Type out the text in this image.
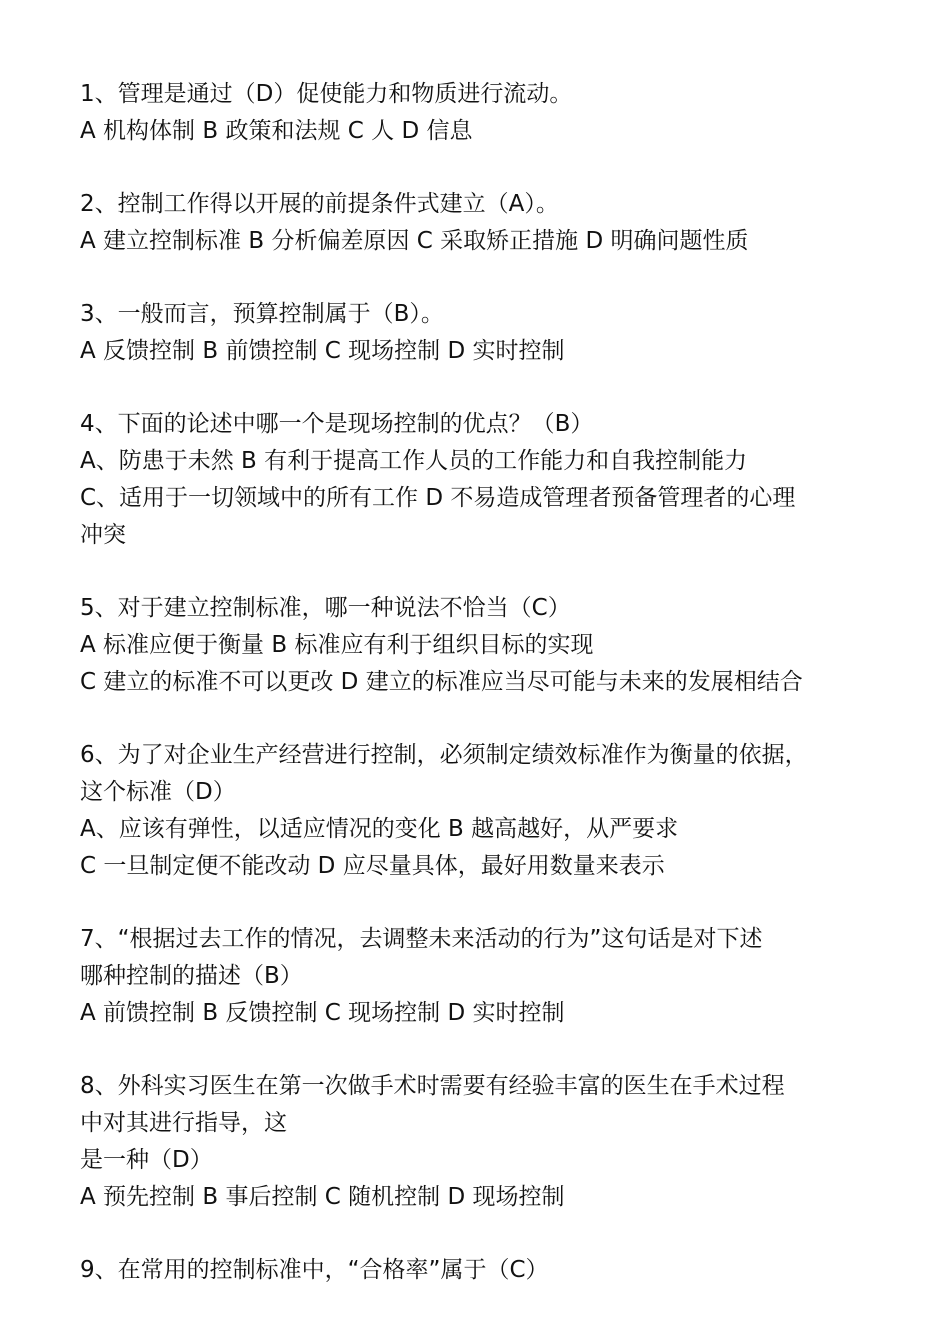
1、管理是通过（D）促使能力和物质进行流动。
A 机构体制 B 政策和法规 C 人 D 信息
2、控制工作得以开展的前提条件式建立（A）。
A 建立控制标准 B 分析偏差原因 C 采取矫正措施 D 明确问题性质
3、一般而言，预算控制属于（B）。
A 反馈控制 B 前馈控制 C 现场控制 D 实时控制
4、下面的论述中哪一个是现场控制的优点？（B）
A、防患于未然 B 有利于提高工作人员的工作能力和自我控制能力
C、适用于一切领域中的所有工作 D 不易造成管理者预备管理者的心理
冲突
5、对于建立控制标准，哪一种说法不恰当（C）
A 标准应便于衡量 B 标准应有利于组织目标的实现
C 建立的标准不可以更改 D 建立的标准应当尽可能与未来的发展相结合
6、为了对企业生产经营进行控制，必须制定绩效标准作为衡量的依据，
这个标准（D）
A、应该有弹性，以适应情况的变化 B 越高越好，从严要求
C 一旦制定便不能改动 D 应尽量具体，最好用数量来表示
7、“根据过去工作的情况，去调整未来活动的行为”这句话是对下述
哪种控制的描述（B）
A 前馈控制 B 反馈控制 C 现场控制 D 实时控制
8、外科实习医生在第一次做手术时需要有经验丰富的医生在手术过程
中对其进行指导，这
是一种（D）
A 预先控制 B 事后控制 C 随机控制 D 现场控制
9、在常用的控制标准中，“合格率”属于（C）
